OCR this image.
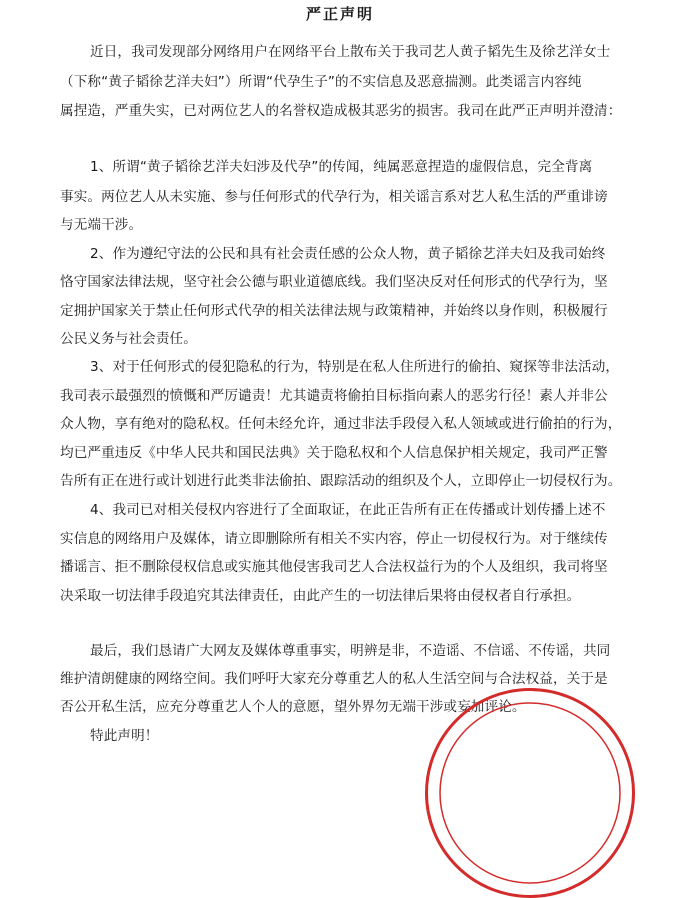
严正声明
近日，我司发现部分网络用户在网络平台上散布关于我司艺人黄子韬先生及徐艺洋女士
（下称“黄子韬徐艺洋夫妇”）所谓“代孕生子”的不实信息及恶意揣测。此类谣言内容纯
属捏造，严重失实，已对两位艺人的名誉权造成极其恶劣的损害。我司在此严正声明并澄清：
1、所谓“黄子韬徐艺洋夫妇涉及代孕”的传闻，纯属恶意捏造的虚假信息，完全背离
事实。两位艺人从未实施、参与任何形式的代孕行为，相关谣言系对艺人私生活的严重诽谤
与无端干涉。
2、作为遵纪守法的公民和具有社会责任感的公众人物，黄子韬徐艺洋夫妇及我司始终
恪守国家法律法规，坚守社会公德与职业道德底线。我们坚决反对任何形式的代孕行为，坚
定拥护国家关于禁止任何形式代孕的相关法律法规与政策精神，并始终以身作则，积极履行
公民义务与社会责任。
3、对于任何形式的侵犯隐私的行为，特别是在私人住所进行的偷拍、窥探等非法活动，
我司表示最强烈的愤慨和严厉谴责！尤其谴责将偷拍目标指向素人的恶劣行径！素人并非公
众人物，享有绝对的隐私权。任何未经允许，通过非法手段侵入私人领域或进行偷拍的行为，
均已严重违反《中华人民共和国民法典》关于隐私权和个人信息保护相关规定，我司严正警
告所有正在进行或计划进行此类非法偷拍、跟踪活动的组织及个人，立即停止一切侵权行为。
4、我司已对相关侵权内容进行了全面取证，在此正告所有正在传播或计划传播上述不
实信息的网络用户及媒体，请立即删除所有相关不实内容，停止一切侵权行为。对于继续传
播谣言、拒不删除侵权信息或实施其他侵害我司艺人合法权益行为的个人及组织，我司将坚
决采取一切法律手段追究其法律责任，由此产生的一切法律后果将由侵权者自行承担。
最后，我们恳请广大网友及媒体尊重事实，明辨是非，不造谣、不信谣、不传谣，共同
维护清朗健康的网络空间。我们呼吁大家充分尊重艺人的私人生活空间与合法权益，关于是
否公开私生活，应充分尊重艺人个人的意愿，望外界勿无端干涉或妄加评论。
特此声明！
